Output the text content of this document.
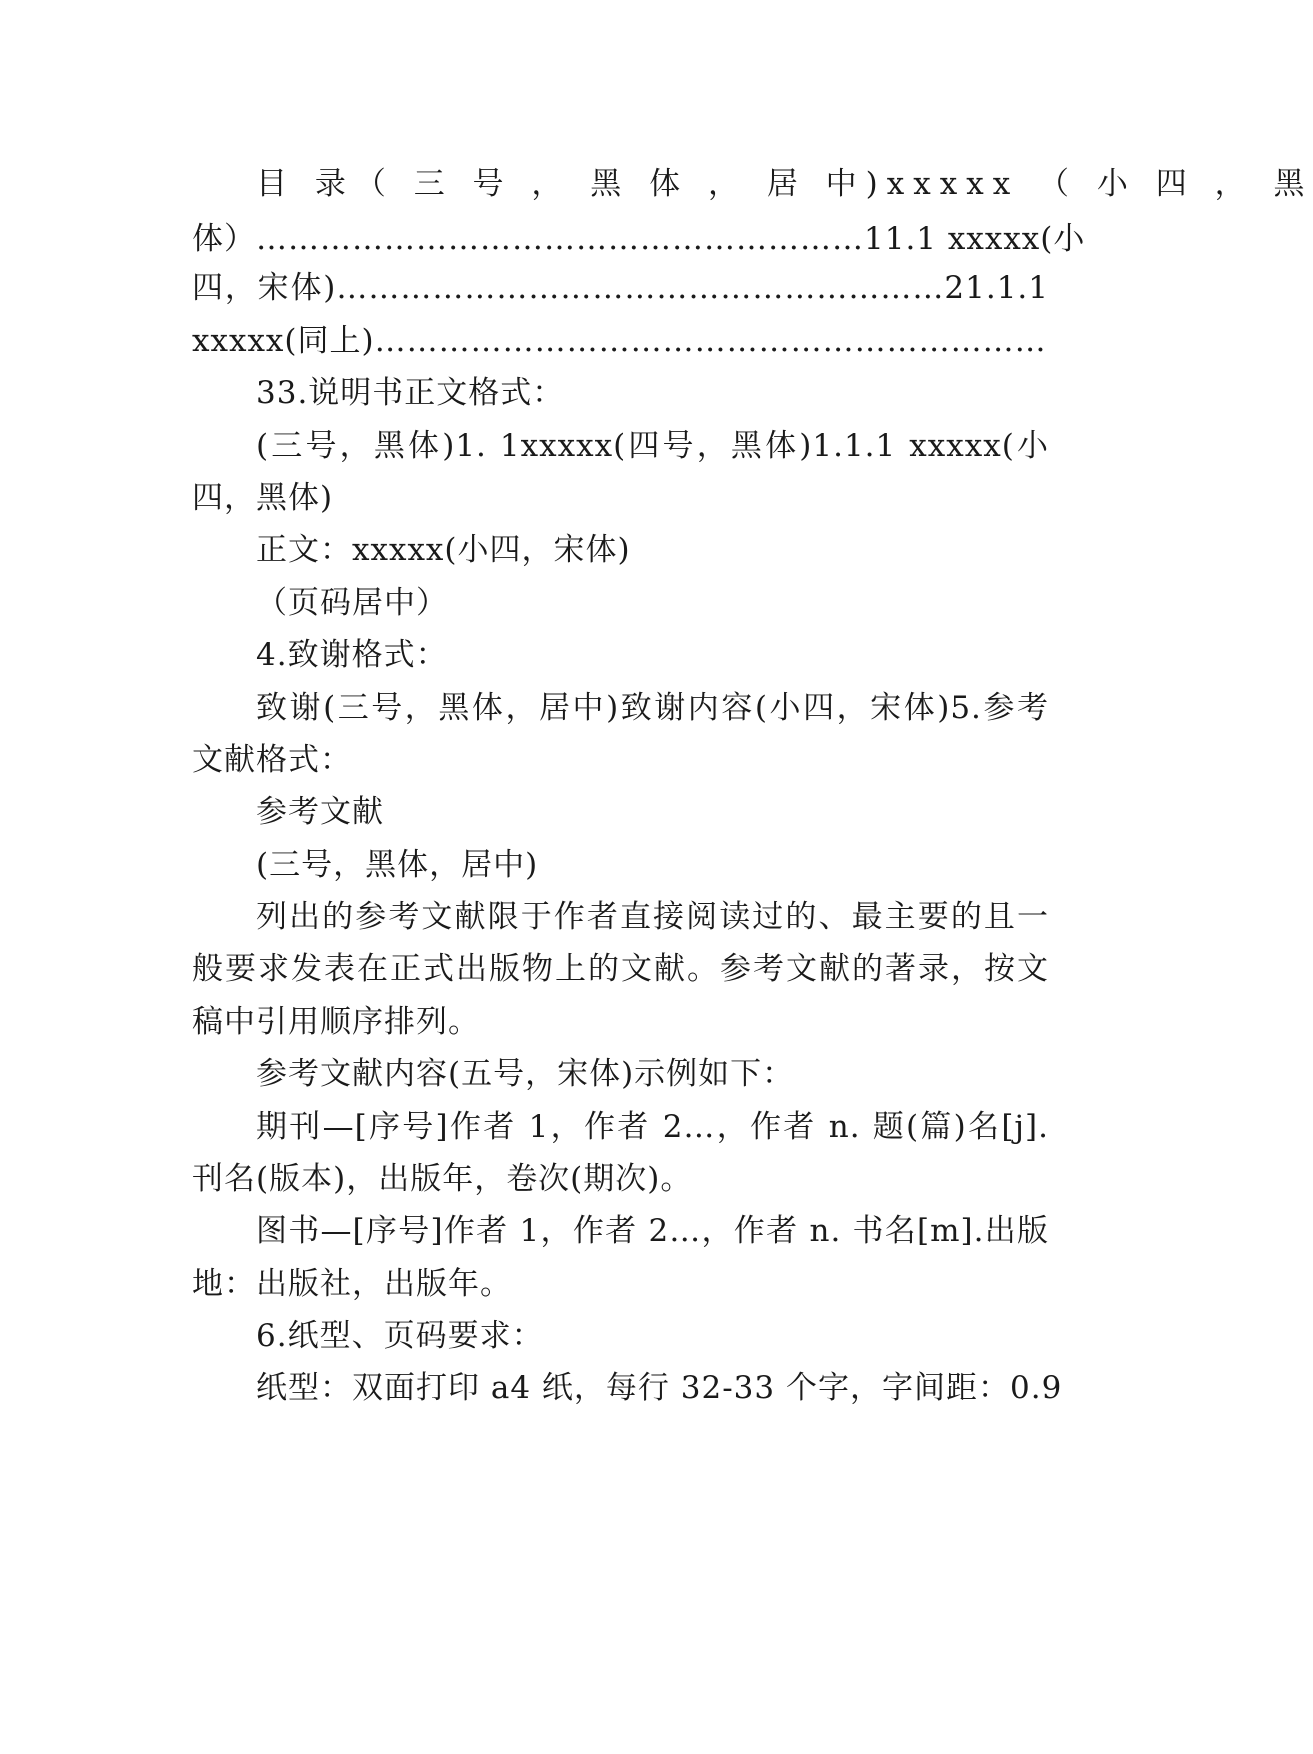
目 录（ 三 号 ， 黑 体 ， 居 中)xxxxx （ 小 四 ， 黑
体）…………………………………………………11.1 xxxxx(小
四，宋体)…………………………………………………21.1.1
xxxxx(同上)………………………………………………………
33.说明书正文格式：
(三号，黑体)1. 1xxxxx(四号，黑体)1.1.1 xxxxx(小
四，黑体)
正文：xxxxx(小四，宋体)
（页码居中）
4.致谢格式：
致谢(三号，黑体，居中)致谢内容(小四，宋体)5.参考
文献格式：
参考文献
(三号，黑体，居中)
列出的参考文献限于作者直接阅读过的、最主要的且一
般要求发表在正式出版物上的文献。参考文献的著录，按文
稿中引用顺序排列。
参考文献内容(五号，宋体)示例如下：
期刊—[序号]作者 1，作者 2…，作者 n. 题(篇)名[j].
刊名(版本)，出版年，卷次(期次)。
图书—[序号]作者 1，作者 2…，作者 n. 书名[m].出版
地：出版社，出版年。
6.纸型、页码要求：
纸型：双面打印 a4 纸，每行 32-33 个字，字间距：0.9
